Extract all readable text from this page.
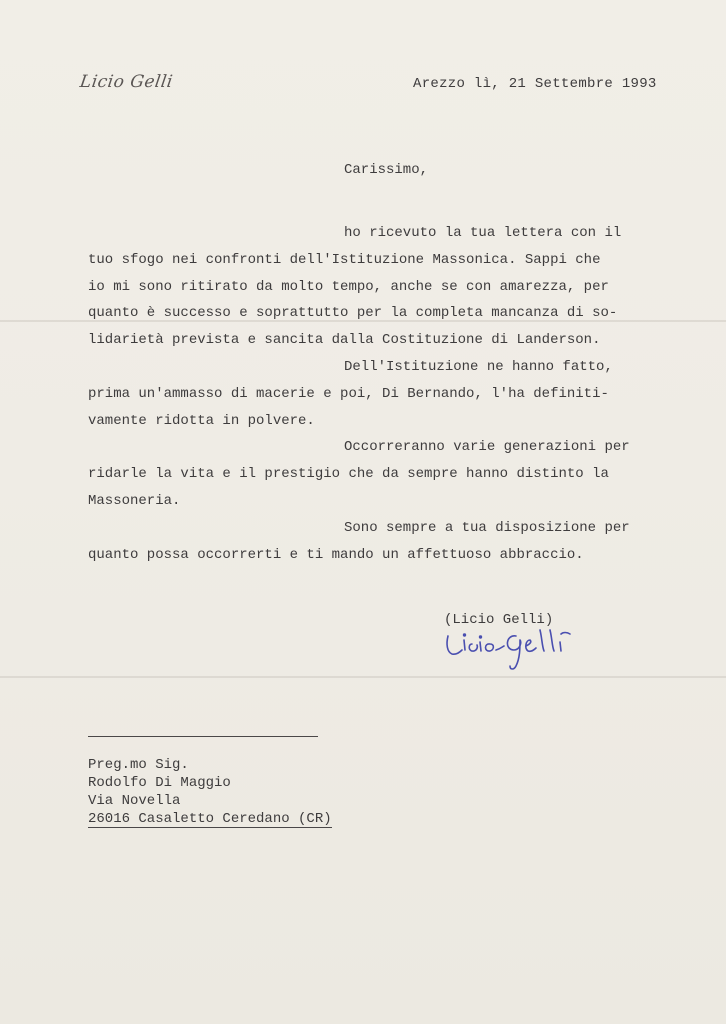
Licio Gelli	Arezzo lì, 21 Settembre 1993
Carissimo,
ho ricevuto la tua lettera con il
tuo sfogo nei confronti dell'Istituzione Massonica. Sappi che
io mi sono ritirato da molto tempo, anche se con amarezza, per
quanto è successo e soprattutto per la completa mancanza di so-
lidarietà prevista e sancita dalla Costituzione di Landerson.
Dell'Istituzione ne hanno fatto,
prima un'ammasso di macerie e poi, Di Bernando, l'ha definiti-
vamente ridotta in polvere.
Occorreranno varie generazioni per
ridarle la vita e il prestigio che da sempre hanno distinto la
Massoneria.
Sono sempre a tua disposizione per
quanto possa occorrerti e ti mando un affettuoso abbraccio.
(Licio Gelli)
Preg.mo Sig.
Rodolfo Di Maggio
Via Novella
26016 Casaletto Ceredano (CR)
